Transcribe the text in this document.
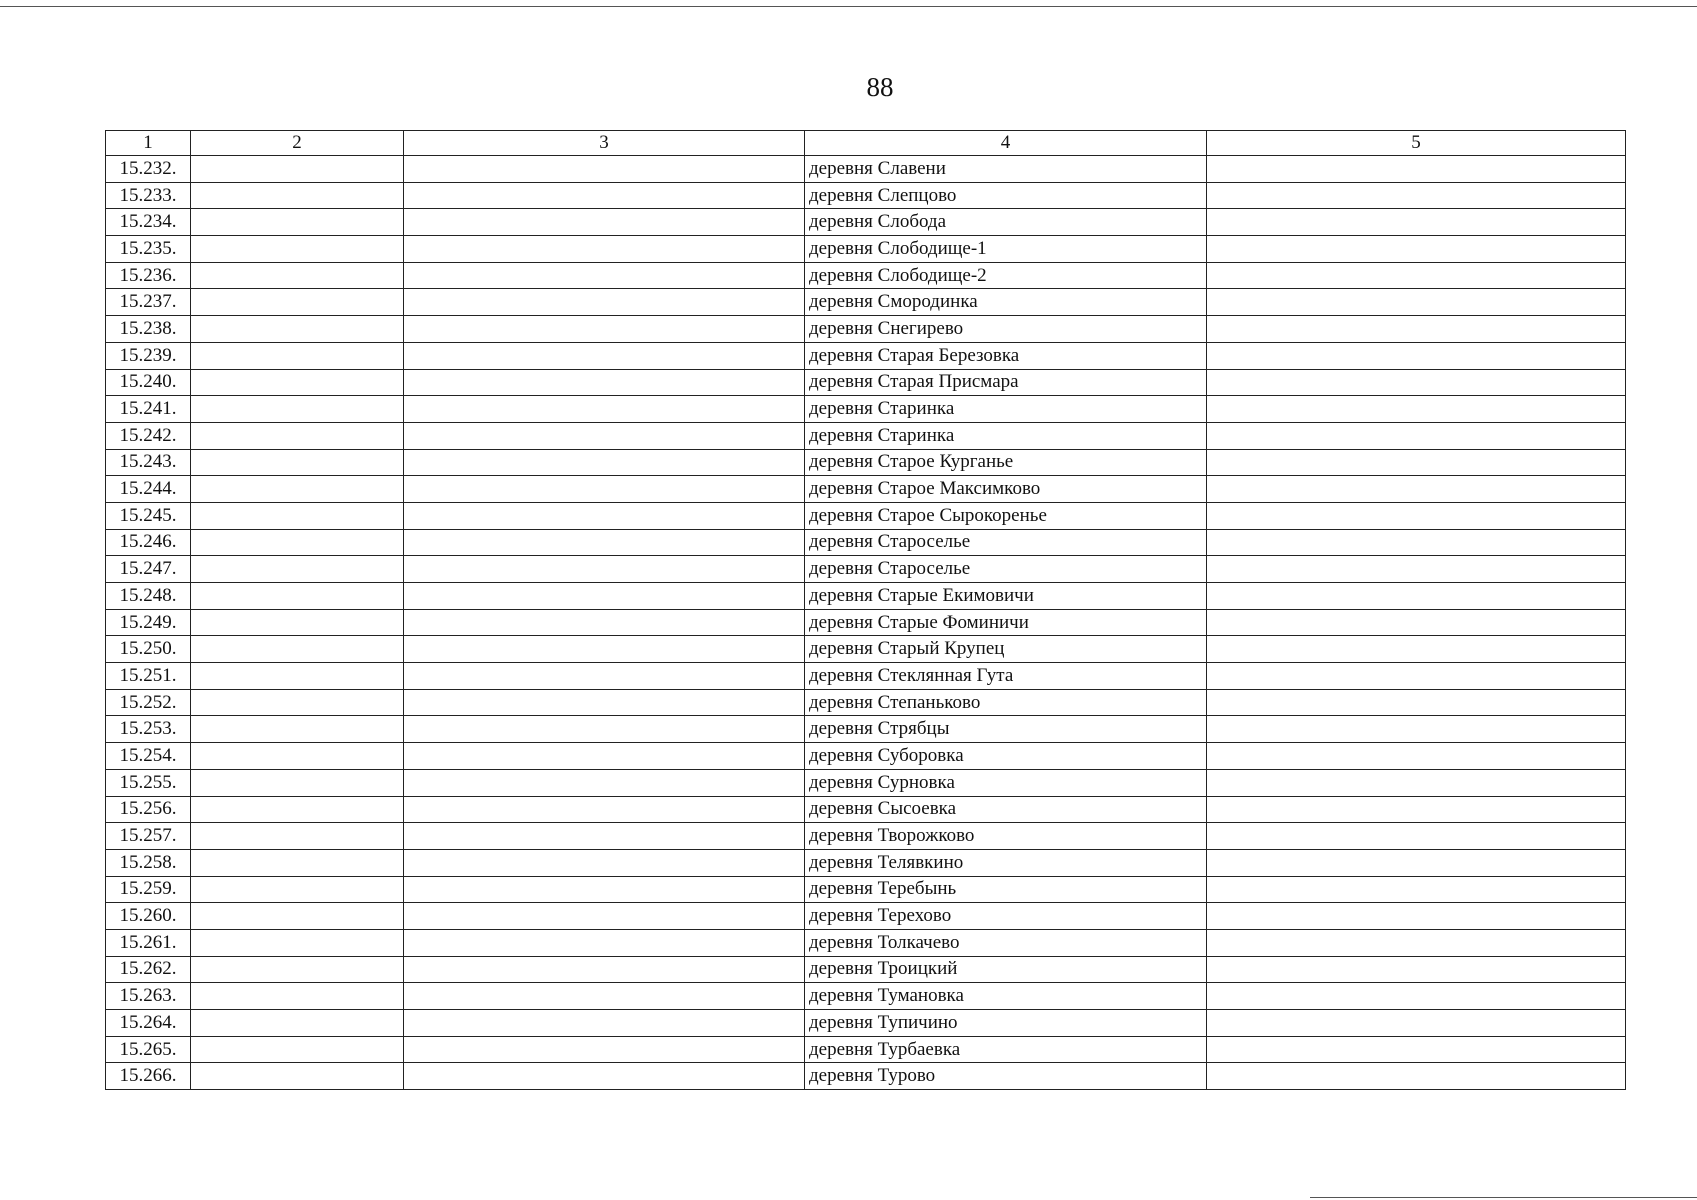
88
1	2	3	4	5
15.232.			деревня Славени	
15.233.			деревня Слепцово	
15.234.			деревня Слобода	
15.235.			деревня Слободище-1	
15.236.			деревня Слободище-2	
15.237.			деревня Смородинка	
15.238.			деревня Снегирево	
15.239.			деревня Старая Березовка	
15.240.			деревня Старая Присмара	
15.241.			деревня Старинка	
15.242.			деревня Старинка	
15.243.			деревня Старое Курганье	
15.244.			деревня Старое Максимково	
15.245.			деревня Старое Сырокоренье	
15.246.			деревня Староселье	
15.247.			деревня Староселье	
15.248.			деревня Старые Екимовичи	
15.249.			деревня Старые Фоминичи	
15.250.			деревня Старый Крупец	
15.251.			деревня Стеклянная Гута	
15.252.			деревня Степаньково	
15.253.			деревня Стрябцы	
15.254.			деревня Суборовка	
15.255.			деревня Сурновка	
15.256.			деревня Сысоевка	
15.257.			деревня Творожково	
15.258.			деревня Телявкино	
15.259.			деревня Теребынь	
15.260.			деревня Терехово	
15.261.			деревня Толкачево	
15.262.			деревня Троицкий	
15.263.			деревня Тумановка	
15.264.			деревня Тупичино	
15.265.			деревня Турбаевка	
15.266.			деревня Турово	
